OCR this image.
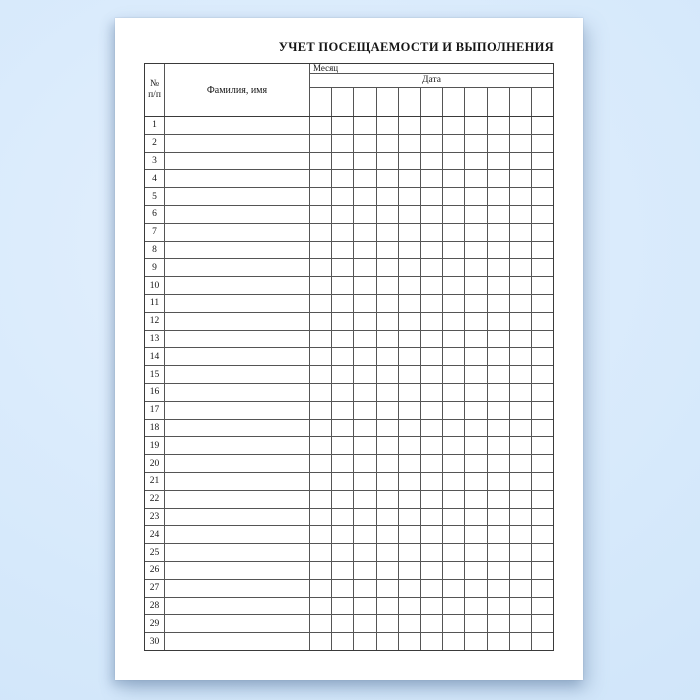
УЧЕТ ПОСЕЩАЕМОСТИ И ВЫПОЛНЕНИЯ
№
п/п	Фамилия, имя
Месяц
Дата
1
2
3
4
5
6
7
8
9
10
11
12
13
14
15
16
17
18
19
20
21
22
23
24
25
26
27
28
29
30
